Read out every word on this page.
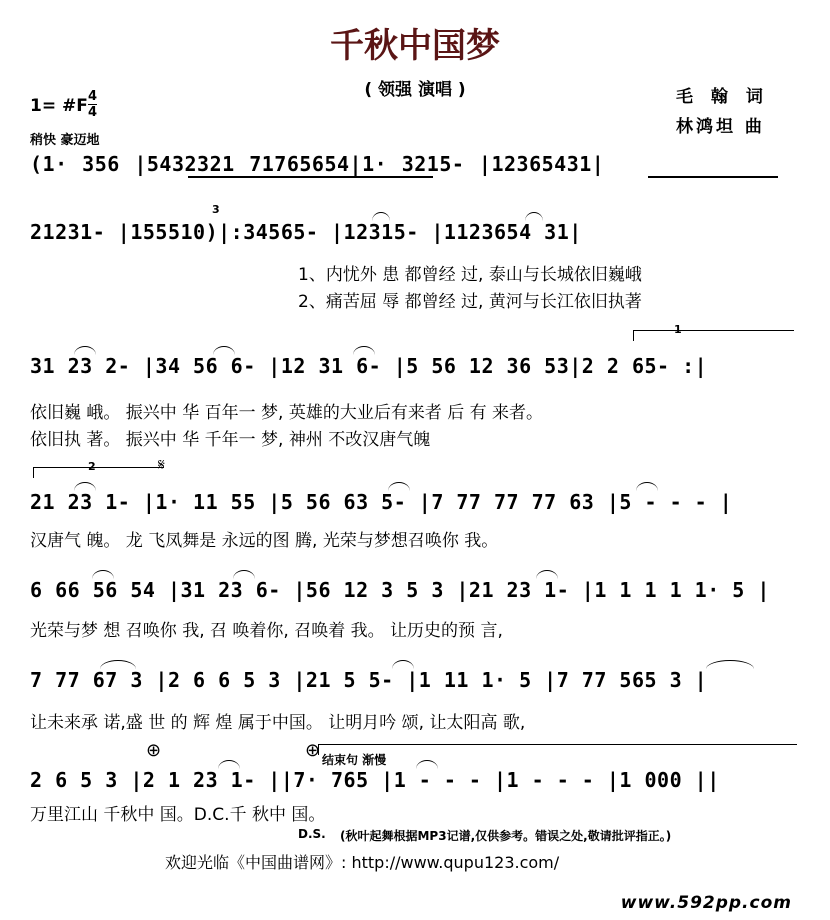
千秋中国梦
( 领强 演唱 )	毛 翰 词
林鸿坦 曲
1= #F 4
4
稍快 豪迈地
(1· 356 |5432321 71765654|1· 3215- |12365431|
21231- |155510)|:34565- |12315- |1123654 31|
3
1、内忧外 患 都曾经 过, 泰山与长城依旧巍峨
2、痛苦屈 辱 都曾经 过, 黄河与长江依旧执著
1
31 23 2- |34 56 6- |12 31 6- |5 56 12 36 53|2 2 65- :|
依旧巍 峨。 振兴中 华 百年一 梦, 英雄的大业后有来者 后 有 来者。
依旧执 著。 振兴中 华 千年一 梦, 神州 不改汉唐气魄
2	𝄋
21 23 1- |1· 11 55 |5 56 63 5- |7 77 77 77 63 |5 - - - |
汉唐气 魄。 龙 飞凤舞是 永远的图 腾, 光荣与梦想召唤你 我。
6 66 56 54 |31 23 6- |56 12 3 5 3 |21 23 1- |1 1 1 1 1· 5 |
光荣与梦 想 召唤你 我, 召 唤着你, 召唤着 我。 让历史的预 言,
7 77 67 3 |2 6 6 5 3 |21 5 5- |1 11 1· 5 |7 77 565 3 |
让未来承 诺,盛 世 的 辉 煌 属于中国。 让明月吟 颂, 让太阳高 歌,
⊕	⊕ 结束句 渐慢
2 6 5 3 |2 1 23 1- ||7· 765 |1 - - - |1 - - - |1 000 ||
万里江山 千秋中 国。D.C.千 秋中 国。
D.S. (秋叶起舞根据MP3记谱,仅供参考。错误之处,敬请批评指正。)
欢迎光临《中国曲谱网》: http://www.qupu123.com/
www.592pp.com
